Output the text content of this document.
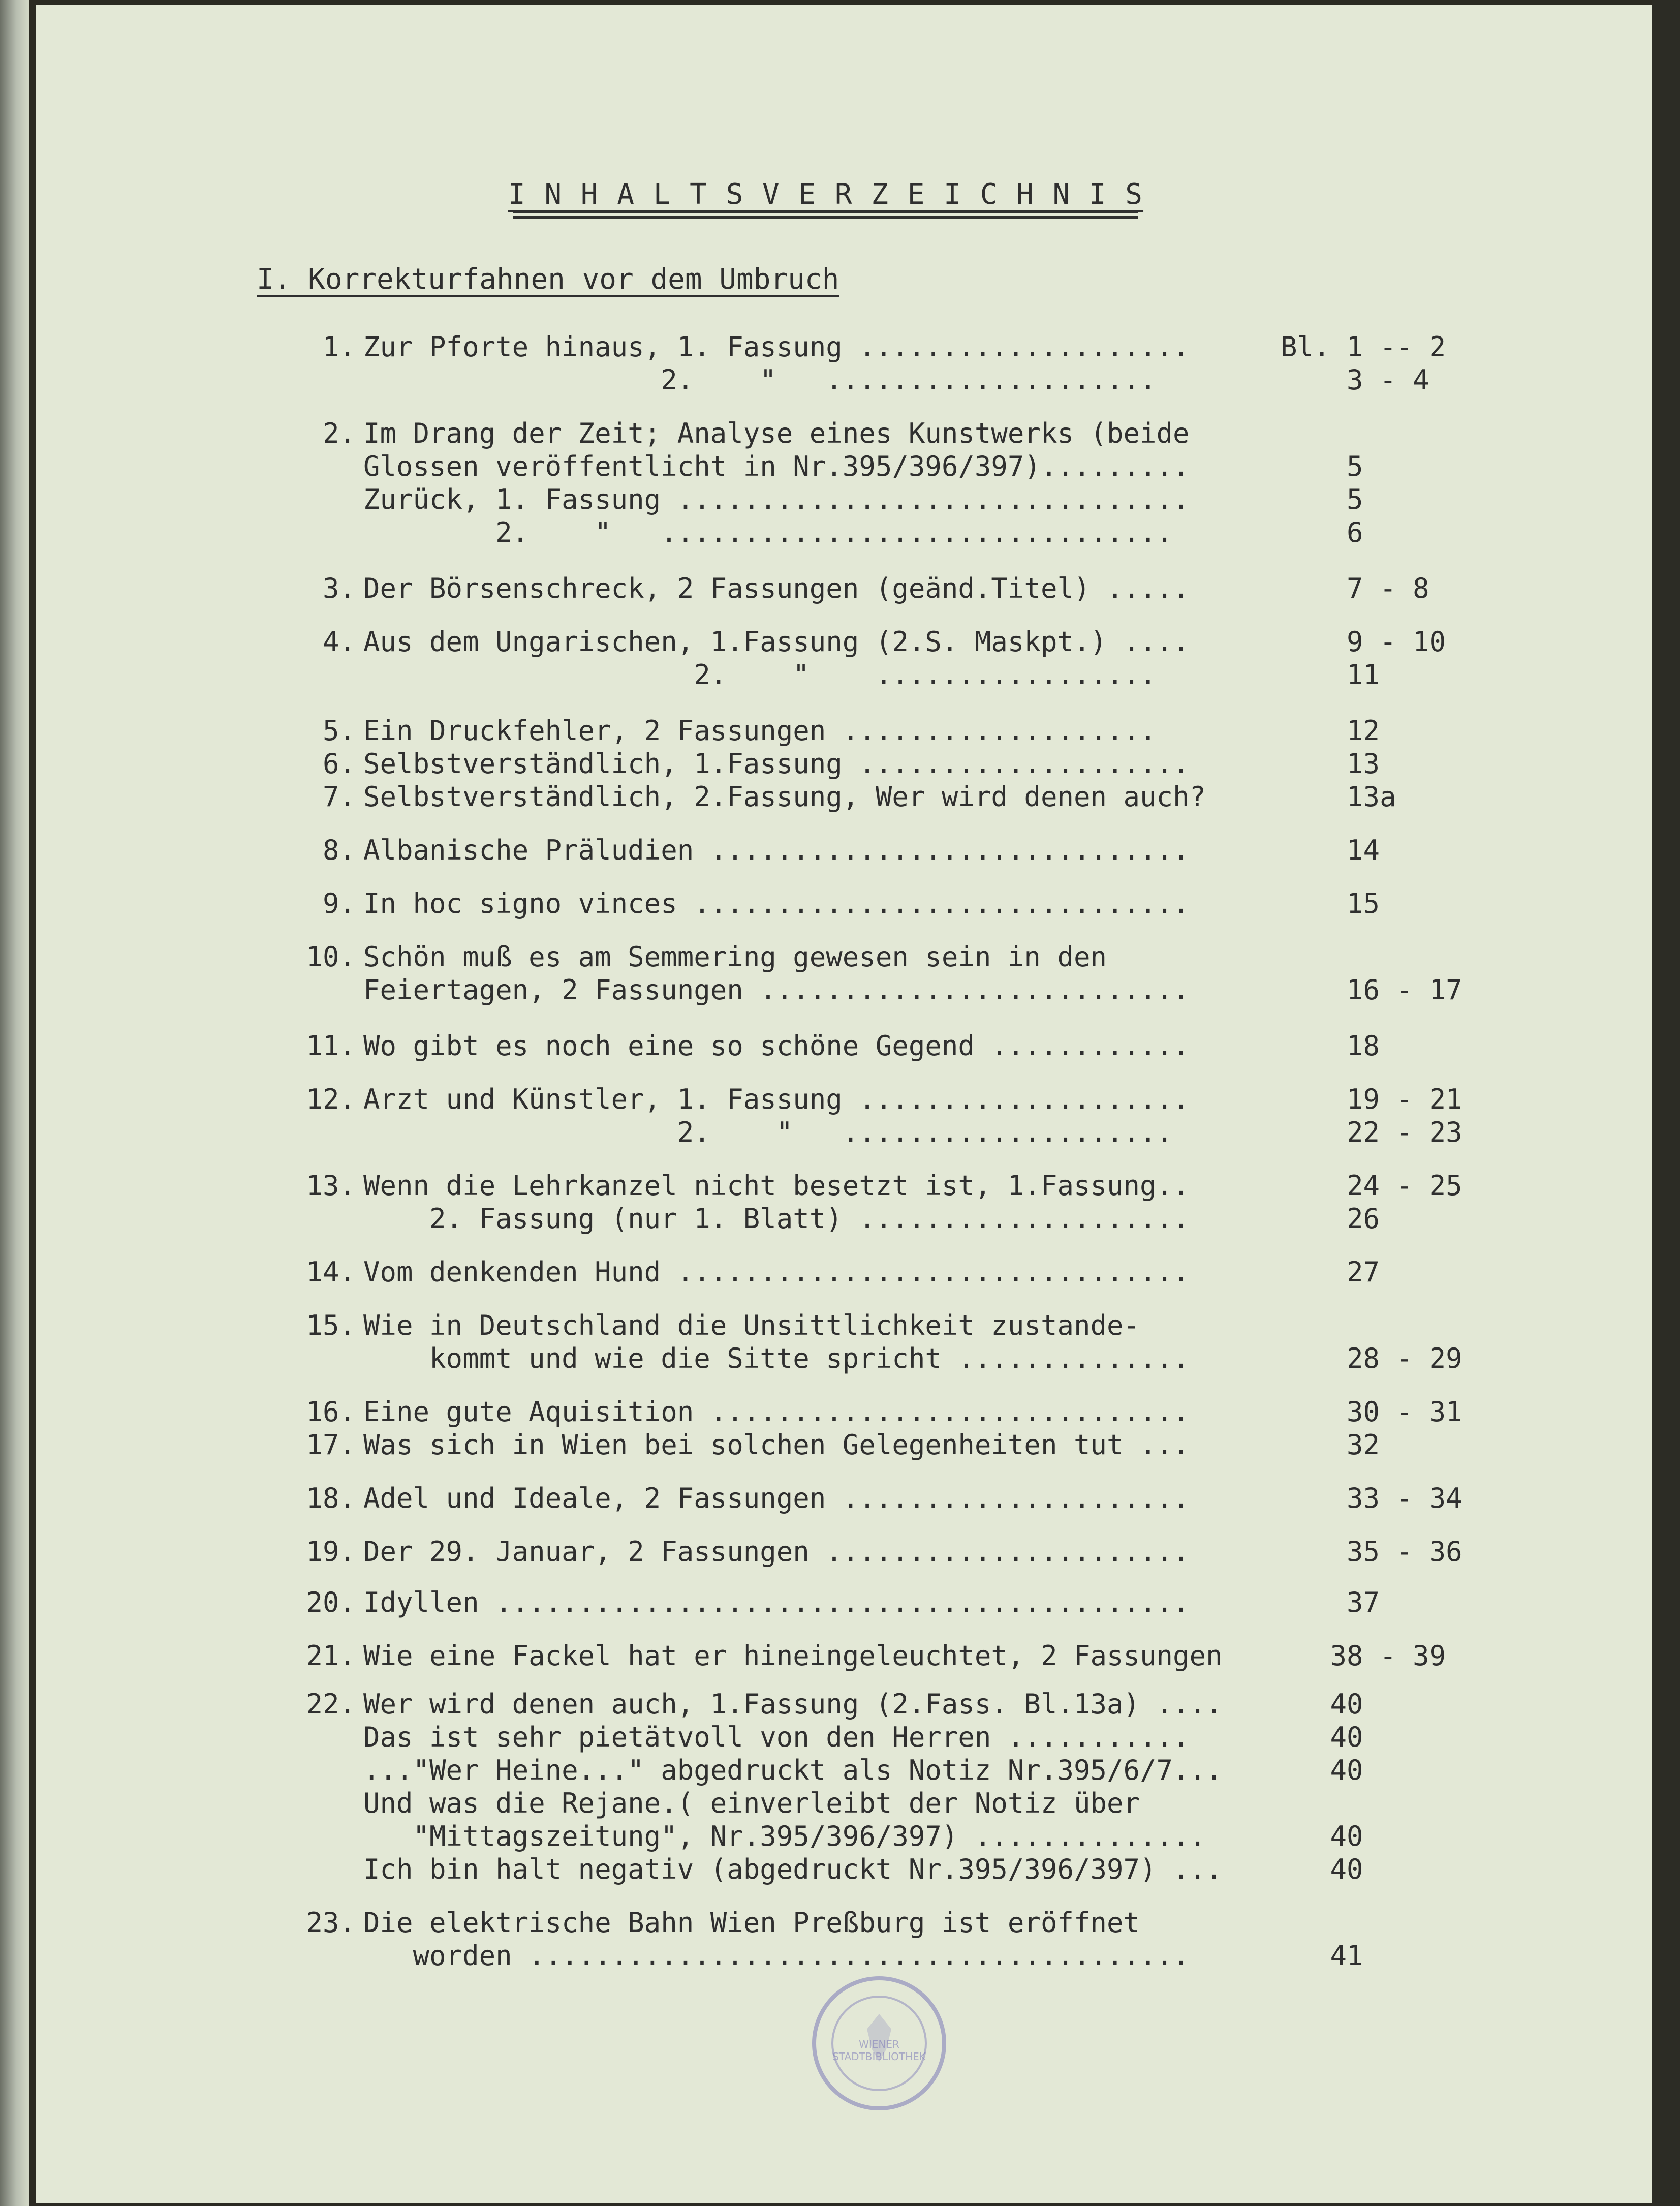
I N H A L T S V E R Z E I C H N I S
I. Korrekturfahnen vor dem Umbruch
1. Zur Pforte hinaus, 1. Fassung ....................	Bl. 1 -- 2
2.    "   ....................	3 - 4
2. Im Drang der Zeit; Analyse eines Kunstwerks (beide
Glossen veröffentlicht in Nr.395/396/397).........	5
Zurück, 1. Fassung ...............................	5
2.    "   ...............................	6
3. Der Börsenschreck, 2 Fassungen (geänd.Titel) .....	7 - 8
4. Aus dem Ungarischen, 1.Fassung (2.S. Maskpt.) ....	9 - 10
2.    "    .................	11
5. Ein Druckfehler, 2 Fassungen ...................	12
6. Selbstverständlich, 1.Fassung ....................	13
7. Selbstverständlich, 2.Fassung, Wer wird denen auch?	13a
8. Albanische Präludien .............................	14
9. In hoc signo vinces ..............................	15
10. Schön muß es am Semmering gewesen sein in den
Feiertagen, 2 Fassungen ..........................	16 - 17
11. Wo gibt es noch eine so schöne Gegend ............	18
12. Arzt und Künstler, 1. Fassung ....................	19 - 21
2.    "   ....................	22 - 23
13. Wenn die Lehrkanzel nicht besetzt ist, 1.Fassung..	24 - 25
2. Fassung (nur 1. Blatt) ....................	26
14. Vom denkenden Hund ...............................	27
15. Wie in Deutschland die Unsittlichkeit zustande-
kommt und wie die Sitte spricht ..............	28 - 29
16. Eine gute Aquisition .............................	30 - 31
17. Was sich in Wien bei solchen Gelegenheiten tut ...	32
18. Adel und Ideale, 2 Fassungen .....................	33 - 34
19. Der 29. Januar, 2 Fassungen ......................	35 - 36
20. Idyllen ..........................................	37
21. Wie eine Fackel hat er hineingeleuchtet, 2 Fassungen 38 - 39
22. Wer wird denen auch, 1.Fassung (2.Fass. Bl.13a) .... 40
Das ist sehr pietätvoll von den Herren ...........	40
..."Wer Heine..." abgedruckt als Notiz Nr.395/6/7... 40
Und was die Rejane.( einverleibt der Notiz über
"Mittagszeitung", Nr.395/396/397) ..............	40
Ich bin halt negativ (abgedruckt Nr.395/396/397) ... 40
23. Die elektrische Bahn Wien Preßburg ist eröffnet
worden ........................................	41
WIENER STADTBIBLIOTHEK
